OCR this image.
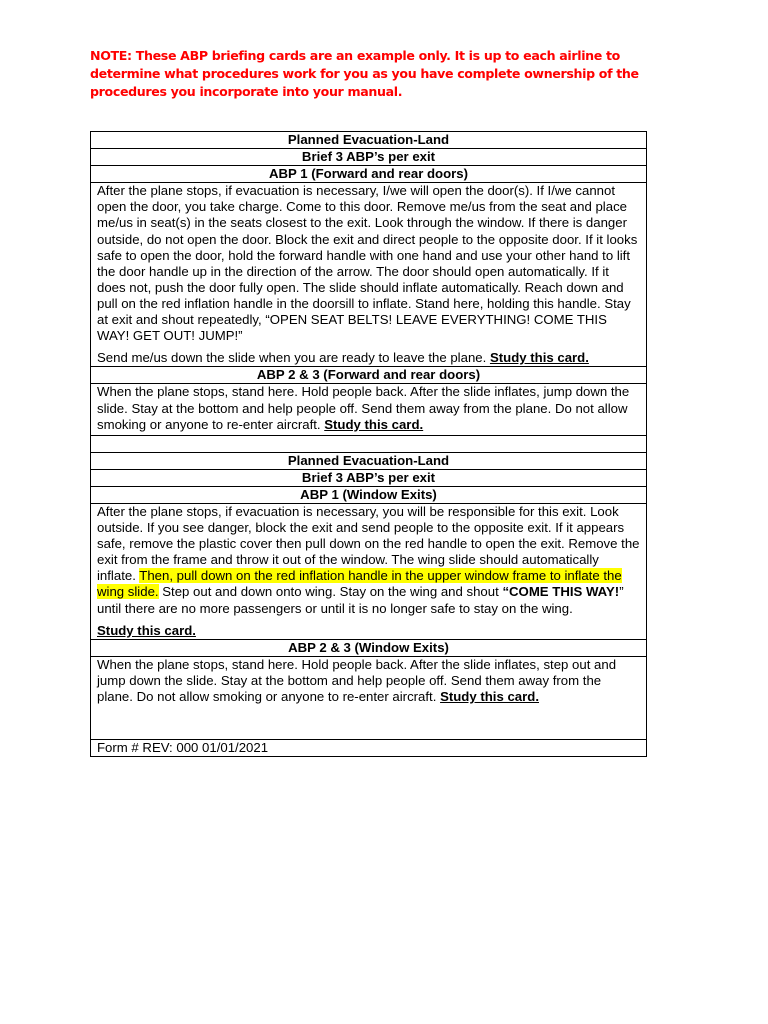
NOTE: These ABP briefing cards are an example only. It is up to each airline to determine what procedures work for you as you have complete ownership of the procedures you incorporate into your manual.
Planned Evacuation-Land
Brief 3 ABP’s per exit
ABP 1 (Forward and rear doors)

After the plane stops, if evacuation is necessary, I/we will open the door(s). If I/we cannot open the door, you take charge. Come to this door. Remove me/us from the seat and place me/us in seat(s) in the seats closest to the exit. Look through the window. If there is danger outside, do not open the door. Block the exit and direct people to the opposite door. If it looks safe to open the door, hold the forward handle with one hand and use your other hand to lift the door handle up in the direction of the arrow. The door should open automatically. If it does not, push the door fully open. The slide should inflate automatically. Reach down and pull on the red inflation handle in the doorsill to inflate. Stand here, holding this handle. Stay at exit and shout repeatedly, “OPEN SEAT BELTS! LEAVE EVERYTHING! COME THIS WAY! GET OUT! JUMP!”

Send me/us down the slide when you are ready to leave the plane. Study this card.

ABP 2 & 3 (Forward and rear doors)

When the plane stops, stand here. Hold people back. After the slide inflates, jump down the slide. Stay at the bottom and help people off. Send them away from the plane. Do not allow smoking or anyone to re-enter aircraft. Study this card.

Planned Evacuation-Land
Brief 3 ABP’s per exit
ABP 1 (Window Exits)

After the plane stops, if evacuation is necessary, you will be responsible for this exit. Look outside. If you see danger, block the exit and send people to the opposite exit. If it appears safe, remove the plastic cover then pull down on the red handle to open the exit. Remove the exit from the frame and throw it out of the window. The wing slide should automatically inflate. Then, pull down on the red inflation handle in the upper window frame to inflate the wing slide. Step out and down onto wing. Stay on the wing and shout “COME THIS WAY!” until there are no more passengers or until it is no longer safe to stay on the wing.

Study this card.

ABP 2 & 3 (Window Exits)

When the plane stops, stand here. Hold people back. After the slide inflates, step out and jump down the slide. Stay at the bottom and help people off. Send them away from the plane. Do not allow smoking or anyone to re-enter aircraft. Study this card.

Form # REV: 000 01/01/2021
